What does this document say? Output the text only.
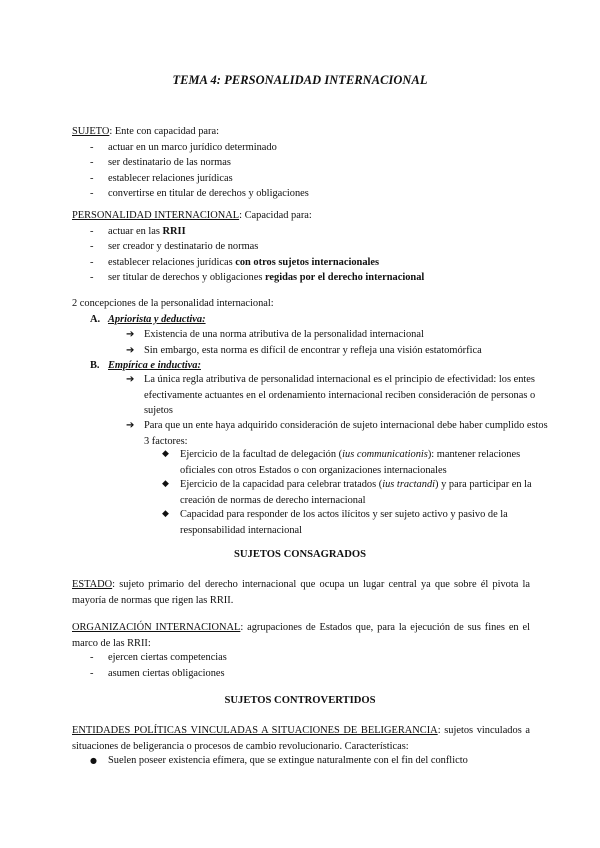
TEMA 4: PERSONALIDAD INTERNACIONAL
SUJETO: Ente con capacidad para:
- actuar en un marco jurídico determinado
- ser destinatario de las normas
- establecer relaciones jurídicas
- convertirse en titular de derechos y obligaciones
PERSONALIDAD INTERNACIONAL: Capacidad para:
- actuar en las RRII
- ser creador y destinatario de normas
- establecer relaciones jurídicas con otros sujetos internacionales
- ser titular de derechos y obligaciones regidas por el derecho internacional
2 concepciones de la personalidad internacional:
A. Apriorista y deductiva:
➔ Existencia de una norma atributiva de la personalidad internacional
➔ Sin embargo, esta norma es difícil de encontrar y refleja una visión estatomórfica
B. Empírica e inductiva:
➔ La única regla atributiva de personalidad internacional es el principio de efectividad: los entes efectivamente actuantes en el ordenamiento internacional reciben consideración de personas o sujetos
➔ Para que un ente haya adquirido consideración de sujeto internacional debe haber cumplido estos 3 factores:
◆ Ejercicio de la facultad de delegación (ius communicationis): mantener relaciones oficiales con otros Estados o con organizaciones internacionales
◆ Ejercicio de la capacidad para celebrar tratados (ius tractandi) y para participar en la creación de normas de derecho internacional
◆ Capacidad para responder de los actos ilícitos y ser sujeto activo y pasivo de la responsabilidad internacional
SUJETOS CONSAGRADOS
ESTADO: sujeto primario del derecho internacional que ocupa un lugar central ya que sobre él pivota la mayoría de normas que rigen las RRII.
ORGANIZACIÓN INTERNACIONAL: agrupaciones de Estados que, para la ejecución de sus fines en el marco de las RRII:
- ejercen ciertas competencias
- asumen ciertas obligaciones
SUJETOS CONTROVERTIDOS
ENTIDADES POLÍTICAS VINCULADAS A SITUACIONES DE BELIGERANCIA: sujetos vinculados a situaciones de beligerancia o procesos de cambio revolucionario. Características:
● Suelen poseer existencia efímera, que se extingue naturalmente con el fin del conflicto
